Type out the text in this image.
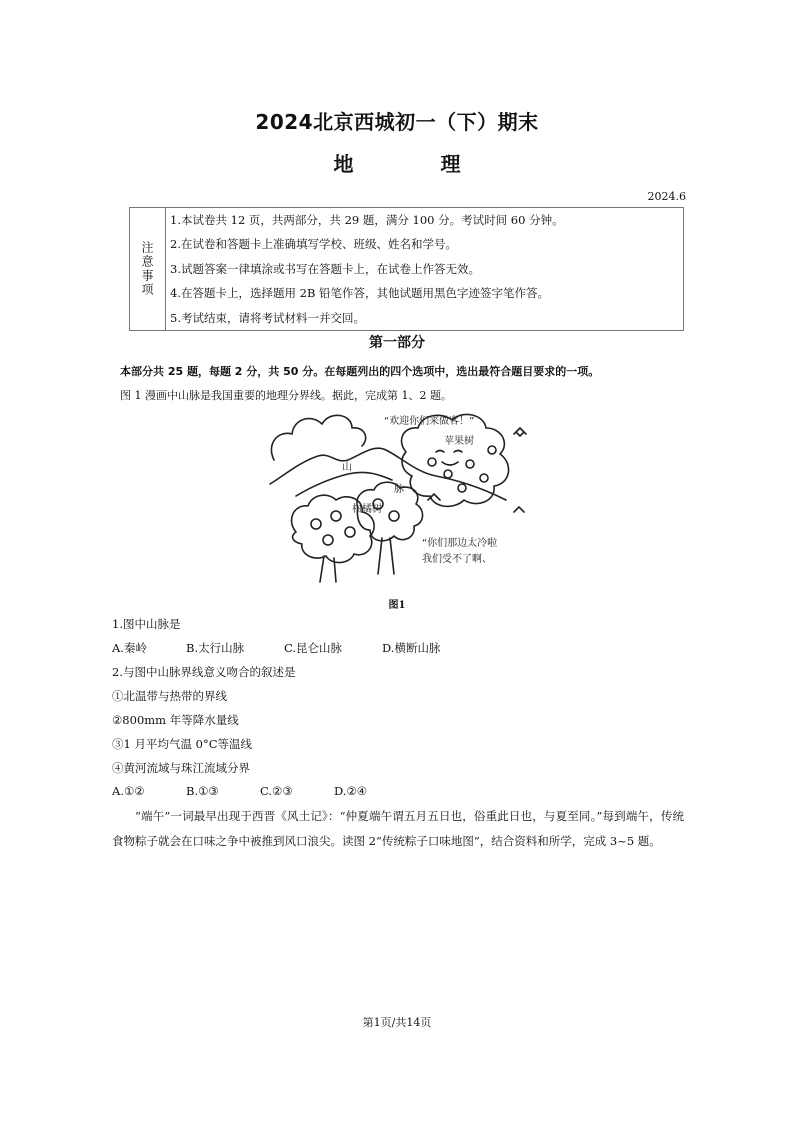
2024北京西城初一（下）期末
地 理
2024.6
注意事项	
1.本试卷共 12 页，共两部分，共 29 题，满分 100 分。考试时间 60 分钟。
2.在试卷和答题卡上准确填写学校、班级、姓名和学号。
3.试题答案一律填涂或书写在答题卡上，在试卷上作答无效。
4.在答题卡上，选择题用 2B 铅笔作答，其他试题用黑色字迹签字笔作答。
5.考试结束，请将考试材料一并交回。
第一部分
本部分共 25 题，每题 2 分，共 50 分。在每题列出的四个选项中，选出最符合题目要求的一项。
图 1 漫画中山脉是我国重要的地理分界线。据此，完成第 1、2 题。
“欢迎你们来做客！”
苹果树
山
脉
柑橘树
“你们那边太冷啦
我们受不了啊、
图1
1.图中山脉是
A.秦岭	B.太行山脉	C.昆仑山脉	D.横断山脉
2.与图中山脉界线意义吻合的叙述是
①北温带与热带的界线
②800mm 年等降水量线
③1 月平均气温 0°C等温线
④黄河流域与珠江流域分界
A.①②	B.①③	C.②③	D.②④
“端午”一词最早出现于西晋《风土记》：“仲夏端午谓五月五日也，俗重此日也，与夏至同。”每到端午，传统食物粽子就会在口味之争中被推到风口浪尖。读图 2“传统粽子口味地图”，结合资料和所学，完成 3~5 题。
第1页/共14页
